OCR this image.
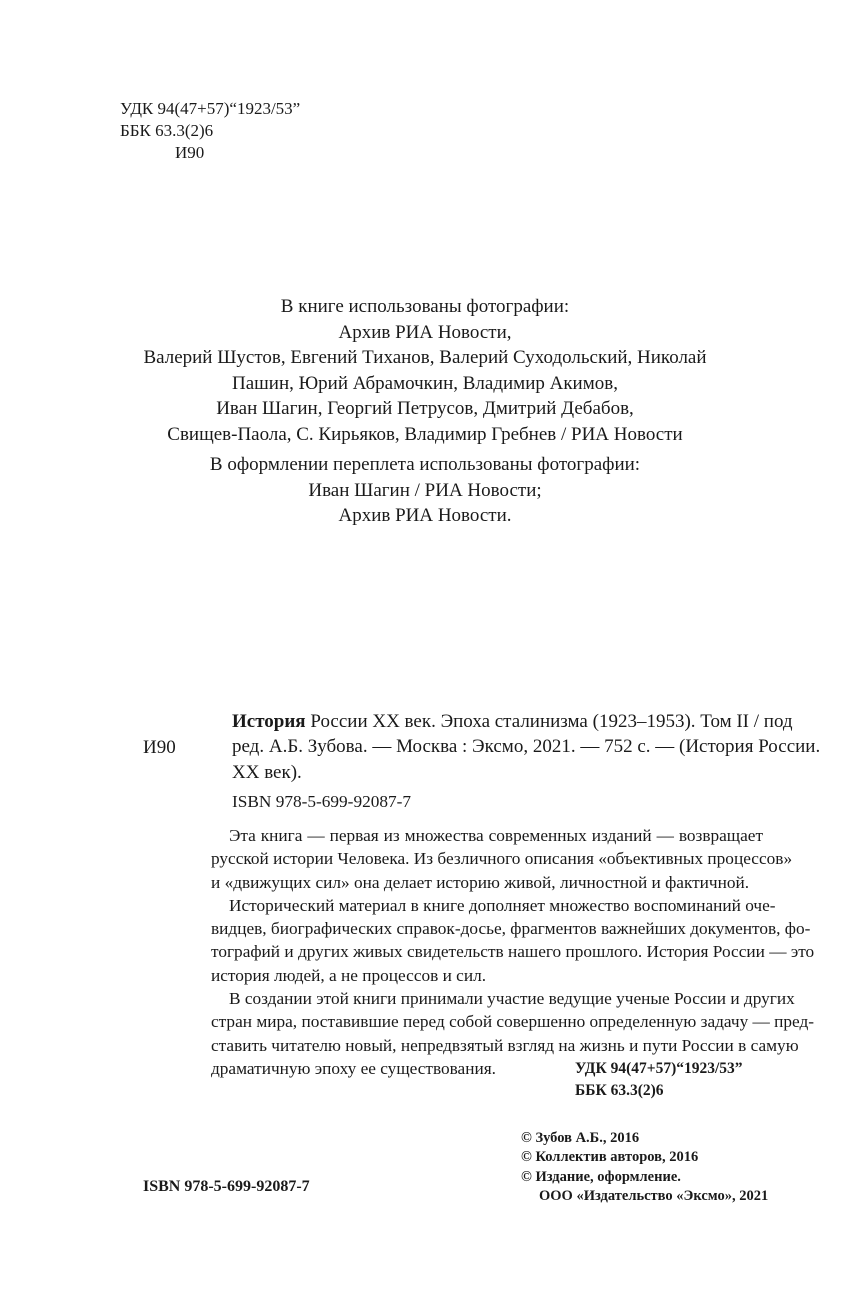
УДК 94(47+57)“1923/53”
ББК 63.3(2)6
И90
В книге использованы фотографии:
Архив РИА Новости,
Валерий Шустов, Евгений Тиханов, Валерий Суходольский, Николай
Пашин, Юрий Абрамочкин, Владимир Акимов,
Иван Шагин, Георгий Петрусов, Дмитрий Дебабов,
Свищев-Паола, С. Кирьяков, Владимир Гребнев / РИА Новости
В оформлении переплета использованы фотографии:
Иван Шагин / РИА Новости;
Архив РИА Новости.
И90
История России XX век. Эпоха сталинизма (1923–1953). Том II / под
ред. А.Б. Зубова. — Москва : Эксмо, 2021. — 752 с. — (История России.
XX век).
ISBN 978-5-699-92087-7
Эта книга — первая из множества современных изданий — возвращает
русской истории Человека. Из безличного описания «объективных процессов»
и «движущих сил» она делает историю живой, личностной и фактичной.
Исторический материал в книге дополняет множество воспоминаний оче-
видцев, биографических справок-досье, фрагментов важнейших документов, фо-
тографий и других живых свидетельств нашего прошлого. История России — это
история людей, а не процессов и сил.
В создании этой книги принимали участие ведущие ученые России и других
стран мира, поставившие перед собой совершенно определенную задачу — пред-
ставить читателю новый, непредвзятый взгляд на жизнь и пути России в самую
драматичную эпоху ее существования.	УДК 94(47+57)“1923/53”
ББК 63.3(2)6
© Зубов А.Б., 2016
© Коллектив авторов, 2016
© Издание, оформление.
ООО «Издательство «Эксмо», 2021
ISBN 978-5-699-92087-7
